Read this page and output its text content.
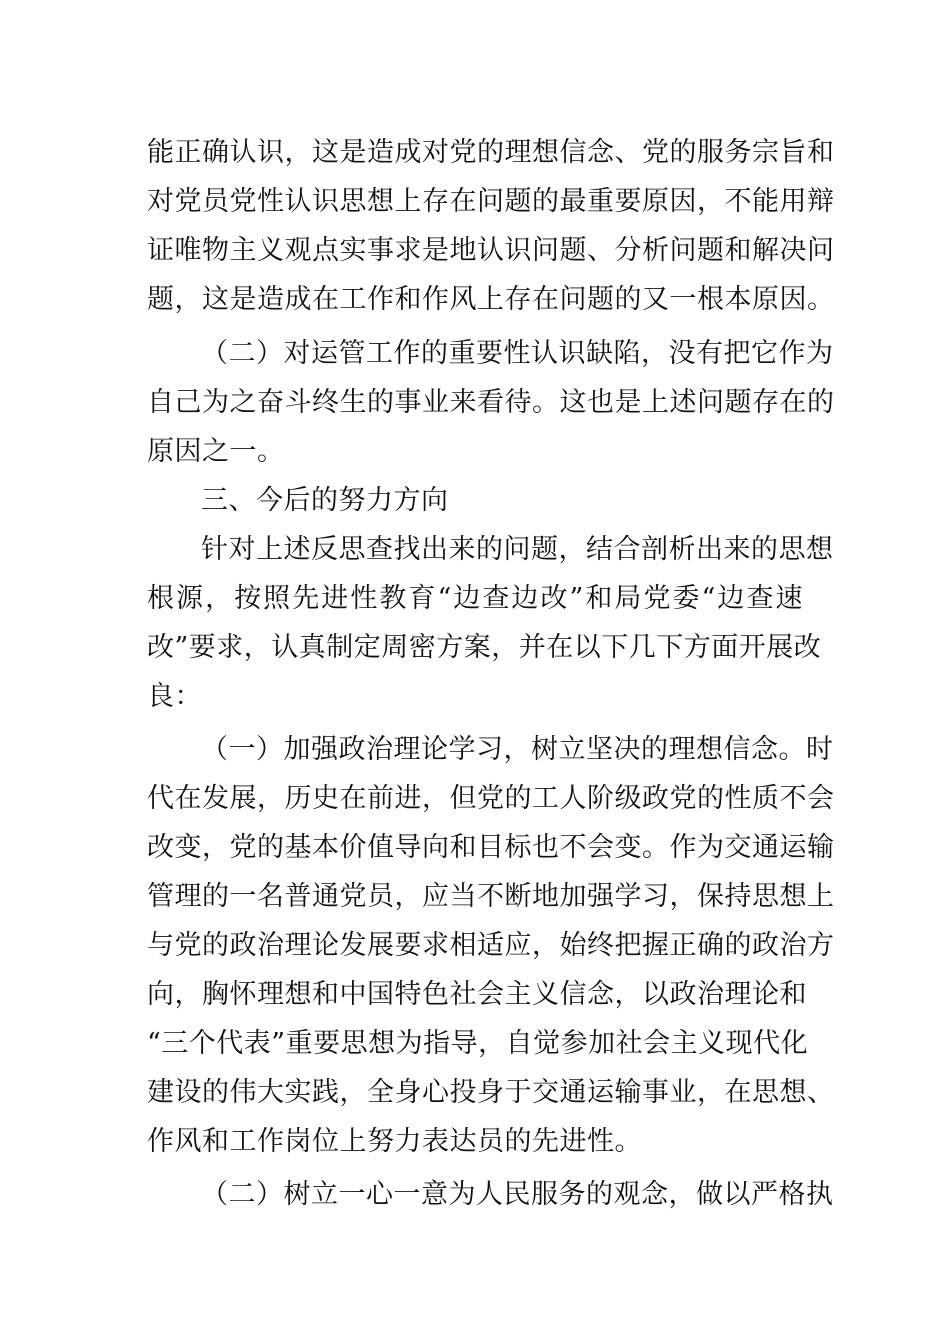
能正确认识，这是造成对党的理想信念、党的服务宗旨和
对党员党性认识思想上存在问题的最重要原因，不能用辩
证唯物主义观点实事求是地认识问题、分析问题和解决问
题，这是造成在工作和作风上存在问题的又一根本原因。
（二）对运管工作的重要性认识缺陷，没有把它作为
自己为之奋斗终生的事业来看待。这也是上述问题存在的
原因之一。
三、今后的努力方向
针对上述反思查找出来的问题，结合剖析出来的思想
根源，按照先进性教育“边查边改”和局党委“边查速
改”要求，认真制定周密方案，并在以下几下方面开展改
良：
（一）加强政治理论学习，树立坚决的理想信念。时
代在发展，历史在前进，但党的工人阶级政党的性质不会
改变，党的基本价值导向和目标也不会变。作为交通运输
管理的一名普通党员，应当不断地加强学习，保持思想上
与党的政治理论发展要求相适应，始终把握正确的政治方
向，胸怀理想和中国特色社会主义信念，以政治理论和
“三个代表”重要思想为指导，自觉参加社会主义现代化
建设的伟大实践，全身心投身于交通运输事业，在思想、
作风和工作岗位上努力表达员的先进性。
（二）树立一心一意为人民服务的观念，做以严格执
